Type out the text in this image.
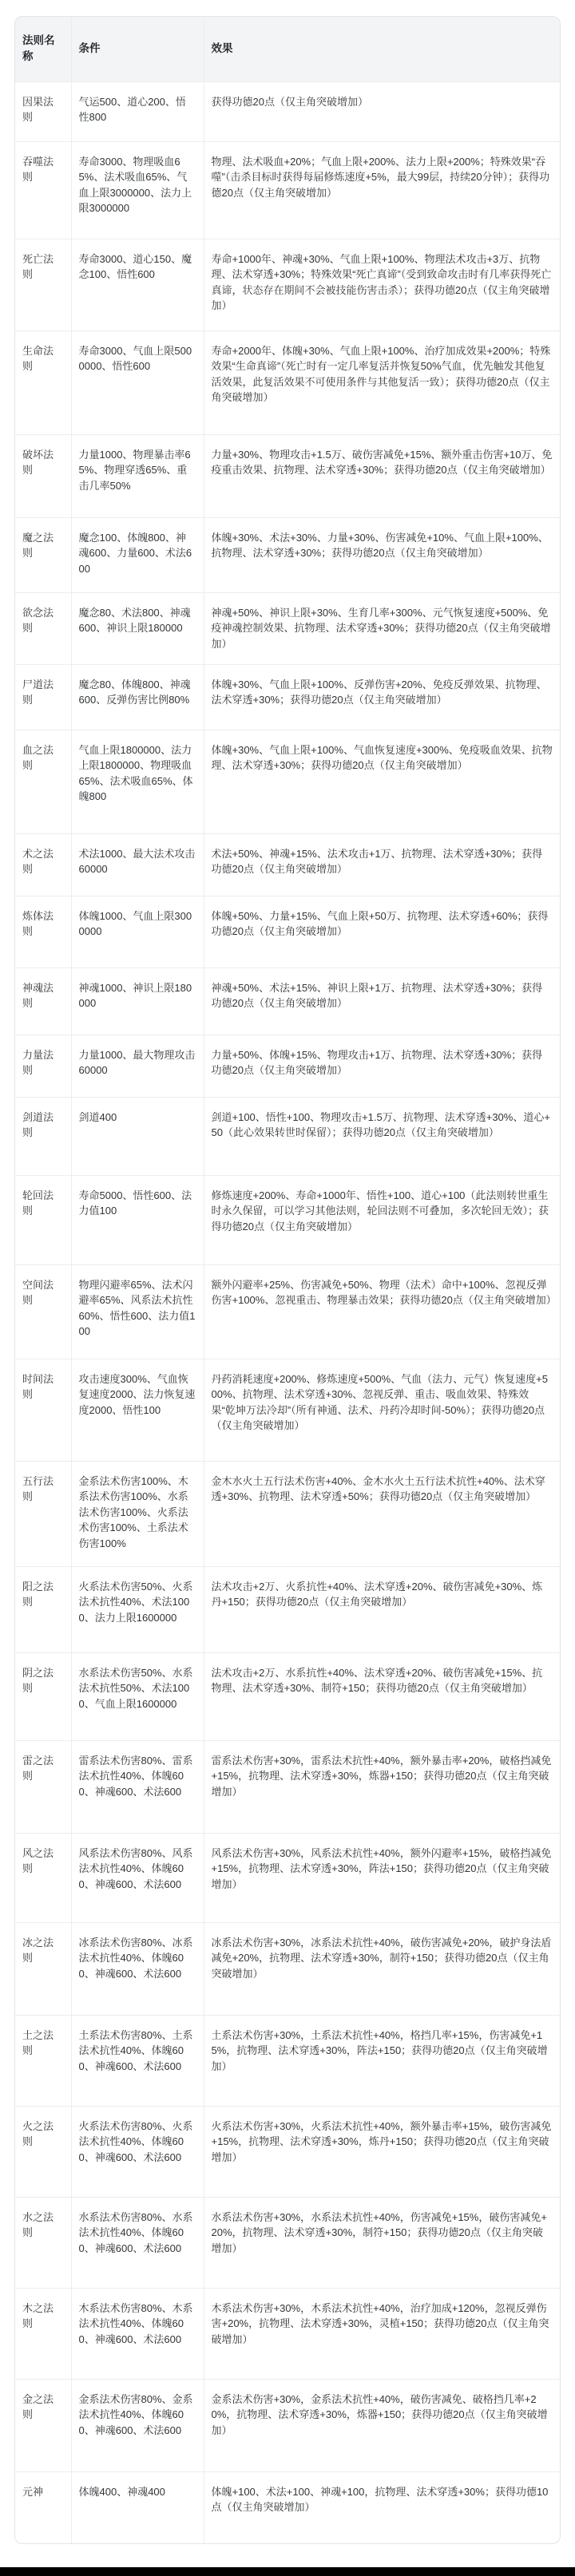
法则名称	条件	效果
因果法则	气运500、道心200、悟性800	获得功德20点（仅主角突破增加）
吞噬法则	寿命3000、物理吸血65%、法术吸血65%、气血上限3000000、法力上限3000000	物理、法术吸血+20%；气血上限+200%、法力上限+200%；特殊效果“吞噬”（击杀目标时获得每届修炼速度+5%，最大99层，持续20分钟）；获得功德20点（仅主角突破增加）
死亡法则	寿命3000、道心150、魔念100、悟性600	寿命+1000年、神魂+30%、气血上限+100%、物理法术攻击+3万、抗物理、法术穿透+30%；特殊效果“死亡真谛”（受到致命攻击时有几率获得死亡真谛，状态存在期间不会被技能伤害击杀）；获得功德20点（仅主角突破增加）
生命法则	寿命3000、气血上限5000000、悟性600	寿命+2000年、体魄+30%、气血上限+100%、治疗加成效果+200%；特殊效果“生命真谛”（死亡时有一定几率复活并恢复50%气血，优先触发其他复活效果，此复活效果不可使用条件与其他复活一致）；获得功德20点（仅主角突破增加）
破坏法则	力量1000、物理暴击率65%、物理穿透65%、重击几率50%	力量+30%、物理攻击+1.5万、破伤害减免+15%、额外重击伤害+10万、免疫重击效果、抗物理、法术穿透+30%；获得功德20点（仅主角突破增加）
魔之法则	魔念100、体魄800、神魂600、力量600、术法600	体魄+30%、术法+30%、力量+30%、伤害减免+10%、气血上限+100%、抗物理、法术穿透+30%；获得功德20点（仅主角突破增加）
欲念法则	魔念80、术法800、神魂600、神识上限180000	神魂+50%、神识上限+30%、生育几率+300%、元气恢复速度+500%、免疫神魂控制效果、抗物理、法术穿透+30%；获得功德20点（仅主角突破增加）
尸道法则	魔念80、体魄800、神魂600、反弹伤害比例80%	体魄+30%、气血上限+100%、反弹伤害+20%、免疫反弹效果、抗物理、法术穿透+30%；获得功德20点（仅主角突破增加）
血之法则	气血上限1800000、法力上限1800000、物理吸血65%、法术吸血65%、体魄800	体魄+30%、气血上限+100%、气血恢复速度+300%、免疫吸血效果、抗物理、法术穿透+30%；获得功德20点（仅主角突破增加）
术之法则	术法1000、最大法术攻击60000	术法+50%、神魂+15%、法术攻击+1万、抗物理、法术穿透+30%；获得功德20点（仅主角突破增加）
炼体法则	体魄1000、气血上限3000000	体魄+50%、力量+15%、气血上限+50万、抗物理、法术穿透+60%；获得功德20点（仅主角突破增加）
神魂法则	神魂1000、神识上限180000	神魂+50%、术法+15%、神识上限+1万、抗物理、法术穿透+30%；获得功德20点（仅主角突破增加）
力量法则	力量1000、最大物理攻击60000	力量+50%、体魄+15%、物理攻击+1万、抗物理、法术穿透+30%；获得功德20点（仅主角突破增加）
剑道法则	剑道400	剑道+100、悟性+100、物理攻击+1.5万、抗物理、法术穿透+30%、道心+50（此心效果转世时保留）；获得功德20点（仅主角突破增加）
轮回法则	寿命5000、悟性600、法力值100	修炼速度+200%、寿命+1000年、悟性+100、道心+100（此法则转世重生时永久保留，可以学习其他法则，轮回法则不可叠加，多次轮回无效）；获得功德20点（仅主角突破增加）
空间法则	物理闪避率65%、法术闪避率65%、风系法术抗性60%、悟性600、法力值100	额外闪避率+25%、伤害减免+50%、物理（法术）命中+100%、忽视反弹伤害+100%、忽视重击、物理暴击效果；获得功德20点（仅主角突破增加）
时间法则	攻击速度300%、气血恢复速度2000、法力恢复速度2000、悟性100	丹药消耗速度+200%、修炼速度+500%、气血（法力、元气）恢复速度+500%、抗物理、法术穿透+30%、忽视反弹、重击、吸血效果、特殊效果“乾坤万法冷却”（所有神通、法术、丹药冷却时间-50%）；获得功德20点（仅主角突破增加）
五行法则	金系法术伤害100%、木系法术伤害100%、水系法术伤害100%、火系法术伤害100%、土系法术伤害100%	金木水火土五行法术伤害+40%、金木水火土五行法术抗性+40%、法术穿透+30%、抗物理、法术穿透+50%；获得功德20点（仅主角突破增加）
阳之法则	火系法术伤害50%、火系法术抗性40%、术法1000、法力上限1600000	法术攻击+2万、火系抗性+40%、法术穿透+20%、破伤害减免+30%、炼丹+150；获得功德20点（仅主角突破增加）
阴之法则	水系法术伤害50%、水系法术抗性50%、术法1000、气血上限1600000	法术攻击+2万、水系抗性+40%、法术穿透+20%、破伤害减免+15%、抗物理、法术穿透+30%、制符+150；获得功德20点（仅主角突破增加）
雷之法则	雷系法术伤害80%、雷系法术抗性40%、体魄600、神魂600、术法600	雷系法术伤害+30%，雷系法术抗性+40%，额外暴击率+20%，破格挡减免+15%，抗物理、法术穿透+30%，炼器+150；获得功德20点（仅主角突破增加）
风之法则	风系法术伤害80%、风系法术抗性40%、体魄600、神魂600、术法600	风系法术伤害+30%，风系法术抗性+40%，额外闪避率+15%，破格挡减免+15%，抗物理、法术穿透+30%，阵法+150；获得功德20点（仅主角突破增加）
冰之法则	冰系法术伤害80%、冰系法术抗性40%、体魄600、神魂600、术法600	冰系法术伤害+30%，冰系法术抗性+40%，破伤害减免+20%，破护身法盾减免+20%，抗物理、法术穿透+30%，制符+150；获得功德20点（仅主角突破增加）
土之法则	土系法术伤害80%、土系法术抗性40%、体魄600、神魂600、术法600	土系法术伤害+30%，土系法术抗性+40%，格挡几率+15%，伤害减免+15%，抗物理、法术穿透+30%，阵法+150；获得功德20点（仅主角突破增加）
火之法则	火系法术伤害80%、火系法术抗性40%、体魄600、神魂600、术法600	火系法术伤害+30%，火系法术抗性+40%，额外暴击率+15%，破伤害减免+15%，抗物理、法术穿透+30%，炼丹+150；获得功德20点（仅主角突破增加）
水之法则	水系法术伤害80%、水系法术抗性40%、体魄600、神魂600、术法600	水系法术伤害+30%，水系法术抗性+40%，伤害减免+15%，破伤害减免+20%，抗物理、法术穿透+30%，制符+150；获得功德20点（仅主角突破增加）
木之法则	木系法术伤害80%、木系法术抗性40%、体魄600、神魂600、术法600	木系法术伤害+30%，木系法术抗性+40%，治疗加成+120%，忽视反弹伤害+20%，抗物理、法术穿透+30%，灵植+150；获得功德20点（仅主角突破增加）
金之法则	金系法术伤害80%、金系法术抗性40%、体魄600、神魂600、术法600	金系法术伤害+30%，金系法术抗性+40%，破伤害减免、破格挡几率+20%，抗物理、法术穿透+30%，炼器+150；获得功德20点（仅主角突破增加）
元神	体魄400、神魂400	体魄+100、术法+100、神魂+100，抗物理、法术穿透+30%；获得功德10点（仅主角突破增加）
